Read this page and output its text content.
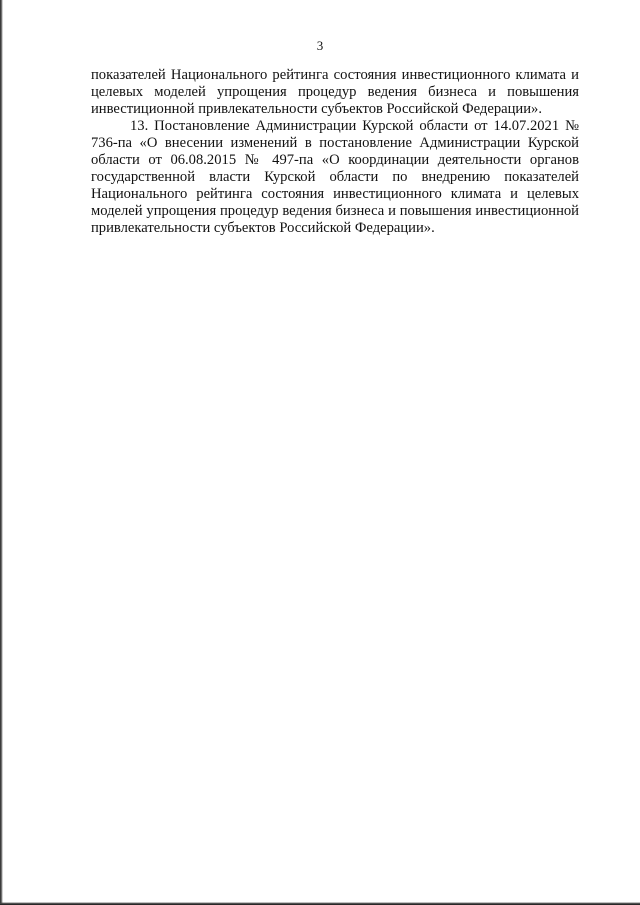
3

показателей Национального рейтинга состояния инвестиционного климата и целевых моделей упрощения процедур ведения бизнеса и повышения инвестиционной привлекательности субъектов Российской Федерации».

13. Постановление Администрации Курской области от 14.07.2021 № 736-па «О внесении изменений в постановление Администрации Курской области от 06.08.2015 № 497-па «О координации деятельности органов государственной власти Курской области по внедрению показателей Национального рейтинга состояния инвестиционного климата и целевых моделей упрощения процедур ведения бизнеса и повышения инвестиционной привлекательности субъектов Российской Федерации».
